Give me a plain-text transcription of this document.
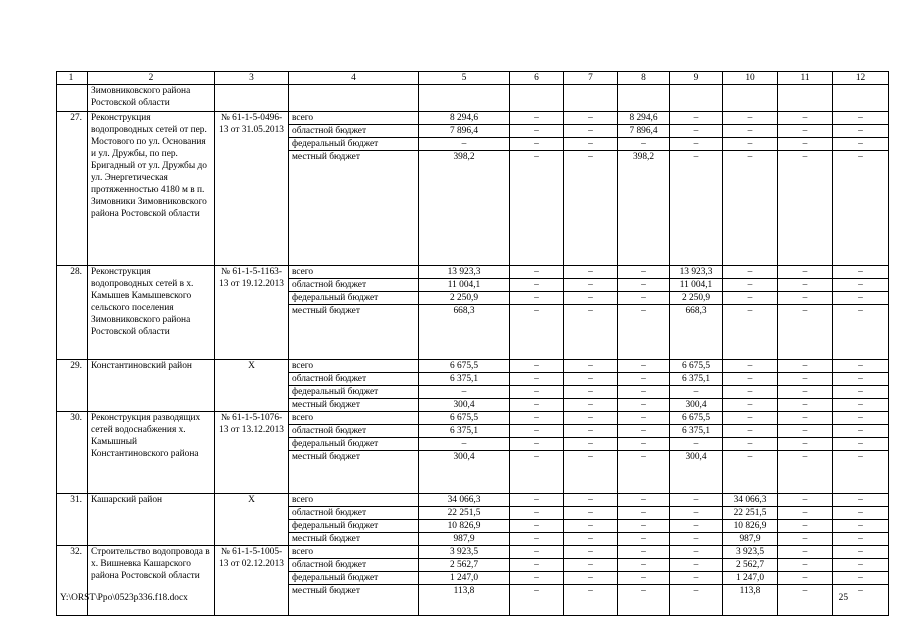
1	2	3	4	5	6	7	8	9	10	11	12
	Зимовниковского района Ростовской области										
27.	Реконструкция водопроводных сетей от пер. Мостового по ул. Основания и ул. Дружбы, по пер. Бригадный от ул. Дружбы до ул. Энергетическая протяженностью 4180 м в п. Зимовники Зимовниковского района Ростовской области	№ 61-1-5-0496-13 от 31.05.2013	всего	8 294,6	–	–	8 294,6	–	–	–	–
			областной бюджет	7 896,4	–	–	7 896,4	–	–	–	–
			федеральный бюджет	–	–	–	–	–	–	–	–
			местный бюджет	398,2	–	–	398,2	–	–	–	–
28.	Реконструкция водопроводных сетей в х. Камышев Камышевского сельского поселения Зимовниковского района Ростовской области	№ 61-1-5-1163-13 от 19.12.2013	всего	13 923,3	–	–	–	13 923,3	–	–	–
			областной бюджет	11 004,1	–	–	–	11 004,1	–	–	–
			федеральный бюджет	2 250,9	–	–	–	2 250,9	–	–	–
			местный бюджет	668,3	–	–	–	668,3	–	–	–
29.	Константиновский район	X	всего	6 675,5	–	–	–	6 675,5	–	–	–
			областной бюджет	6 375,1	–	–	–	6 375,1	–	–	–
			федеральный бюджет	–	–	–	–	–	–	–	–
			местный бюджет	300,4	–	–	–	300,4	–	–	–
30.	Реконструкция разводящих сетей водоснабжения х. Камышный Константиновского района	№ 61-1-5-1076-13 от 13.12.2013	всего	6 675,5	–	–	–	6 675,5	–	–	–
			областной бюджет	6 375,1	–	–	–	6 375,1	–	–	–
			федеральный бюджет	–	–	–	–	–	–	–	–
			местный бюджет	300,4	–	–	–	300,4	–	–	–
31.	Кашарский район	X	всего	34 066,3	–	–	–	–	34 066,3	–	–
			областной бюджет	22 251,5	–	–	–	–	22 251,5	–	–
			федеральный бюджет	10 826,9	–	–	–	–	10 826,9	–	–
			местный бюджет	987,9	–	–	–	–	987,9	–	–
32.	Строительство водопровода в х. Вишневка Кашарского района Ростовской области	№ 61-1-5-1005-13 от 02.12.2013	всего	3 923,5	–	–	–	–	3 923,5	–	–
			областной бюджет	2 562,7	–	–	–	–	2 562,7	–	–
			федеральный бюджет	1 247,0	–	–	–	–	1 247,0	–	–
			местный бюджет	113,8	–	–	–	–	113,8	–	–
Y:\ORST\Ppo\0523p336.f18.docx	25
